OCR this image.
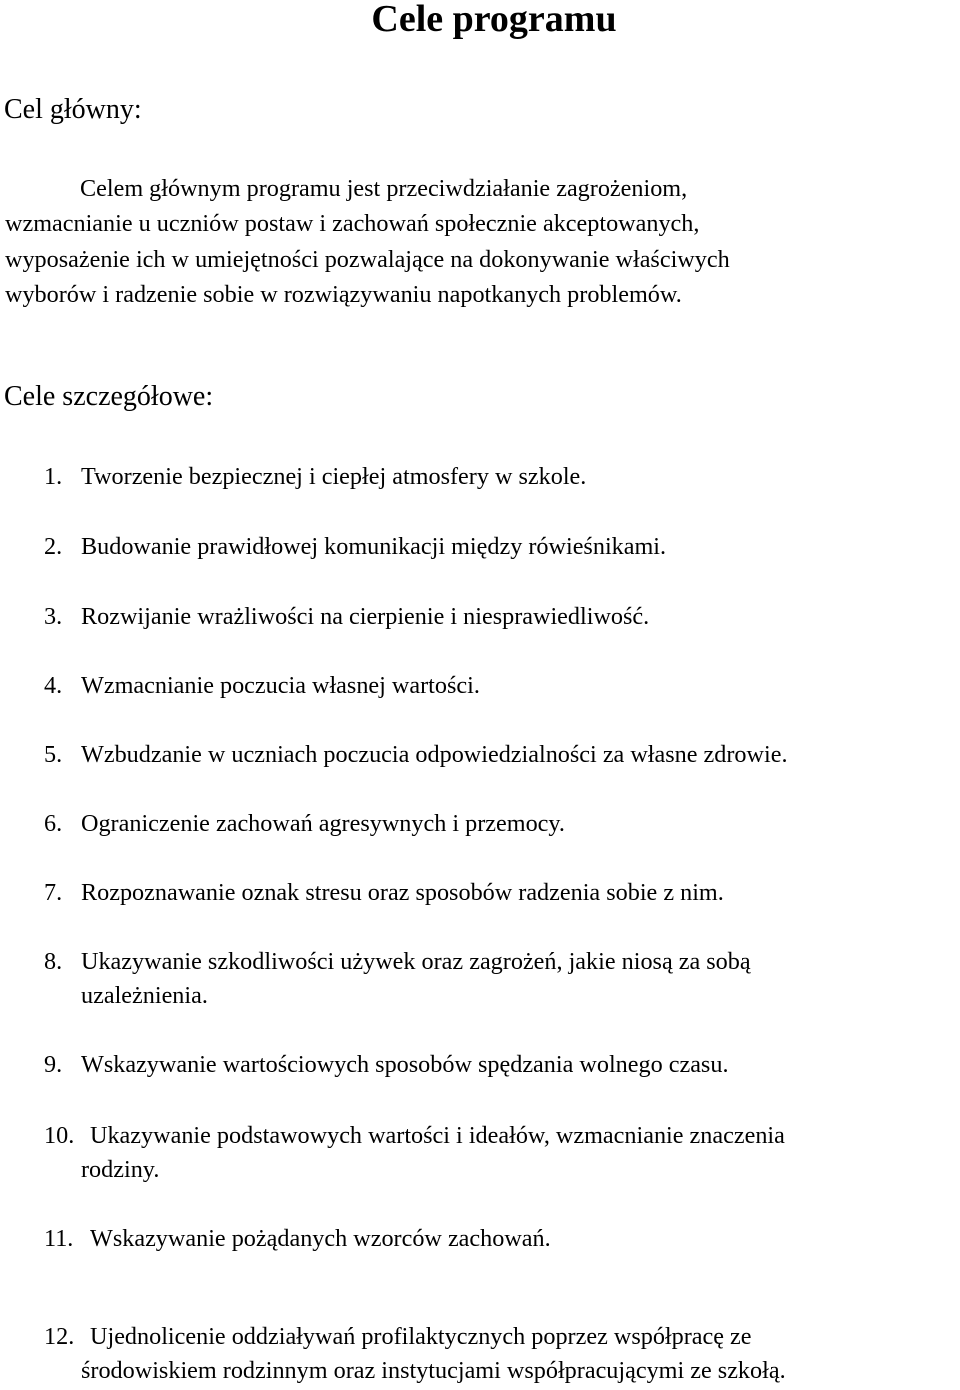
Cele programu
Cel główny:

Celem głównym programu jest przeciwdziałanie zagrożeniom,
wzmacnianie u uczniów postaw i zachowań społecznie akceptowanych,
wyposażenie ich w umiejętności pozwalające na dokonywanie właściwych
wyborów i radzenie sobie w rozwiązywaniu napotkanych problemów.

Cele szczegółowe:
1. Tworzenie bezpiecznej i ciepłej atmosfery w szkole.
2. Budowanie prawidłowej komunikacji między rówieśnikami.
3. Rozwijanie wrażliwości na cierpienie i niesprawiedliwość.
4. Wzmacnianie poczucia własnej wartości.
5. Wzbudzanie w uczniach poczucia odpowiedzialności za własne zdrowie.
6. Ograniczenie zachowań agresywnych i przemocy.
7. Rozpoznawanie oznak stresu oraz sposobów radzenia sobie z nim.
8. Ukazywanie szkodliwości używek oraz zagrożeń, jakie niosą za sobą
uzależnienia.
9. Wskazywanie wartościowych sposobów spędzania wolnego czasu.
10. Ukazywanie podstawowych wartości i ideałów, wzmacnianie znaczenia
rodziny.
11. Wskazywanie pożądanych wzorców zachowań.
12. Ujednolicenie oddziaływań profilaktycznych poprzez współpracę ze
środowiskiem rodzinnym oraz instytucjami współpracującymi ze szkołą.
